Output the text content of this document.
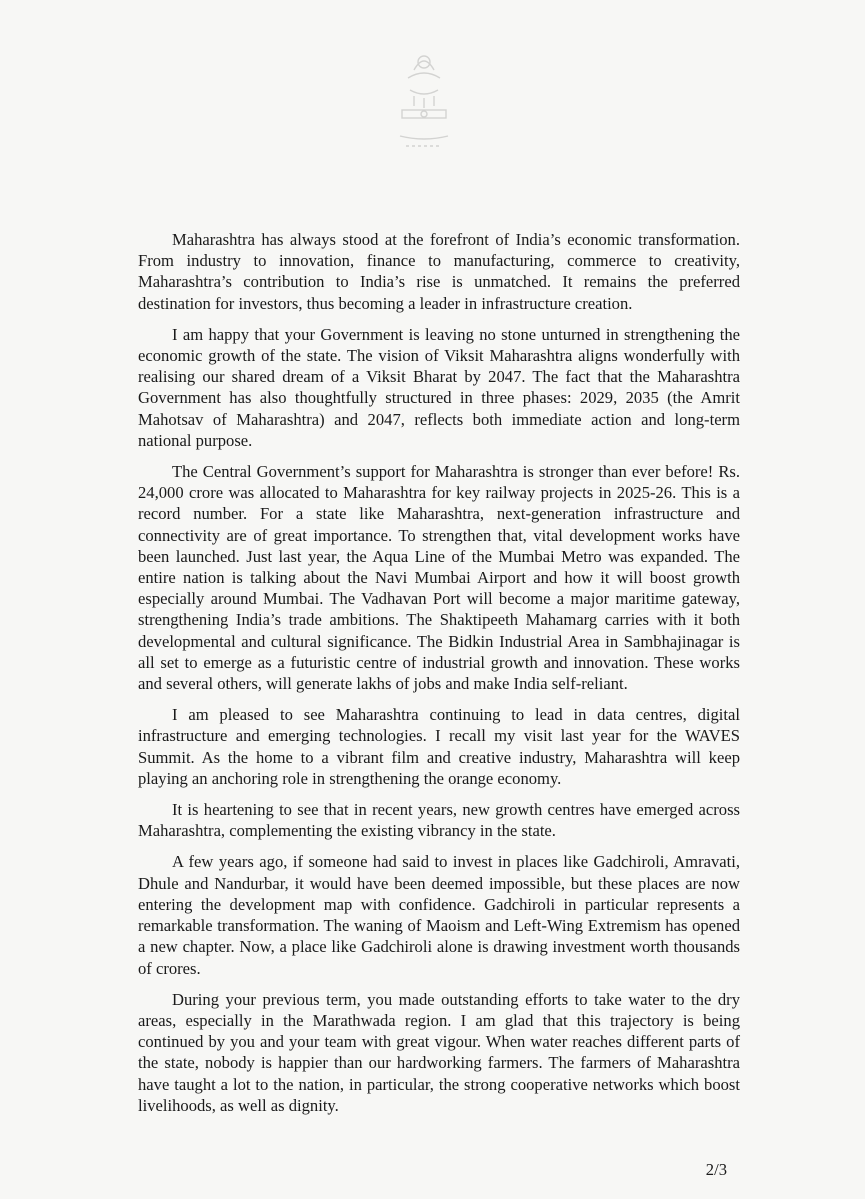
Maharashtra has always stood at the forefront of India’s economic transformation. From industry to innovation, finance to manufacturing, commerce to creativity, Maharashtra’s contribution to India’s rise is unmatched. It remains the preferred destination for investors, thus becoming a leader in infrastructure creation.

I am happy that your Government is leaving no stone unturned in strengthening the economic growth of the state. The vision of Viksit Maharashtra aligns wonderfully with realising our shared dream of a Viksit Bharat by 2047. The fact that the Maharashtra Government has also thoughtfully structured in three phases: 2029, 2035 (the Amrit Mahotsav of Maharashtra) and 2047, reflects both immediate action and long-term national purpose.

The Central Government’s support for Maharashtra is stronger than ever before! Rs. 24,000 crore was allocated to Maharashtra for key railway projects in 2025-26. This is a record number. For a state like Maharashtra, next-generation infrastructure and connectivity are of great importance. To strengthen that, vital development works have been launched. Just last year, the Aqua Line of the Mumbai Metro was expanded. The entire nation is talking about the Navi Mumbai Airport and how it will boost growth especially around Mumbai. The Vadhavan Port will become a major maritime gateway, strengthening India’s trade ambitions. The Shaktipeeth Mahamarg carries with it both developmental and cultural significance. The Bidkin Industrial Area in Sambhajinagar is all set to emerge as a futuristic centre of industrial growth and innovation. These works and several others, will generate lakhs of jobs and make India self-reliant.

I am pleased to see Maharashtra continuing to lead in data centres, digital infrastructure and emerging technologies. I recall my visit last year for the WAVES Summit. As the home to a vibrant film and creative industry, Maharashtra will keep playing an anchoring role in strengthening the orange economy.

It is heartening to see that in recent years, new growth centres have emerged across Maharashtra, complementing the existing vibrancy in the state.

A few years ago, if someone had said to invest in places like Gadchiroli, Amravati, Dhule and Nandurbar, it would have been deemed impossible, but these places are now entering the development map with confidence. Gadchiroli in particular represents a remarkable transformation. The waning of Maoism and Left-Wing Extremism has opened a new chapter. Now, a place like Gadchiroli alone is drawing investment worth thousands of crores.

During your previous term, you made outstanding efforts to take water to the dry areas, especially in the Marathwada region. I am glad that this trajectory is being continued by you and your team with great vigour. When water reaches different parts of the state, nobody is happier than our hardworking farmers. The farmers of Maharashtra have taught a lot to the nation, in particular, the strong cooperative networks which boost livelihoods, as well as dignity.

2/3
